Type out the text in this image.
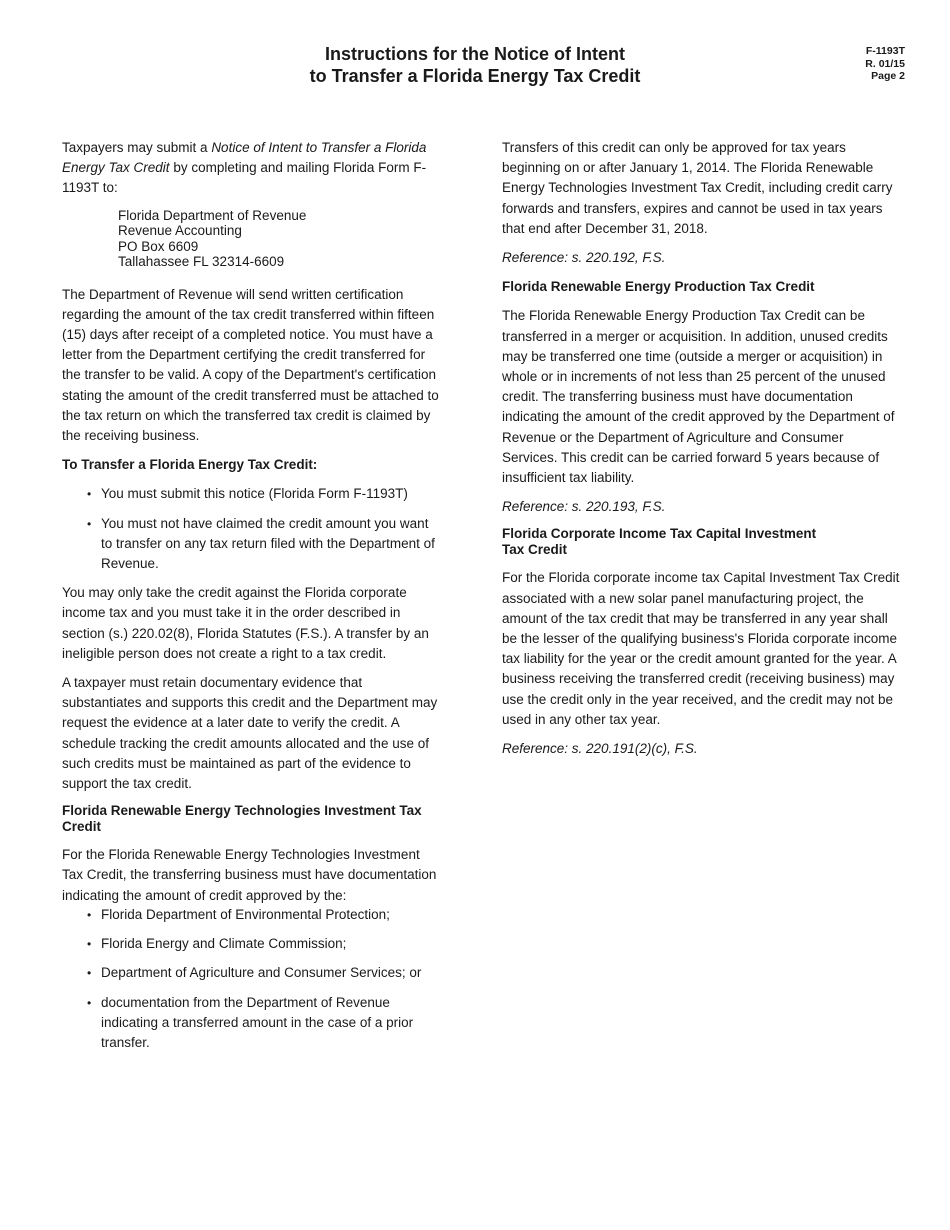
Instructions for the Notice of Intent
to Transfer a Florida Energy Tax Credit
F-1193T
R. 01/15
Page 2

Taxpayers may submit a Notice of Intent to Transfer a Florida Energy Tax Credit by completing and mailing Florida Form F-1193T to:

Florida Department of Revenue
Revenue Accounting
PO Box 6609
Tallahassee FL 32314-6609

The Department of Revenue will send written certification regarding the amount of the tax credit transferred within fifteen (15) days after receipt of a completed notice. You must have a letter from the Department certifying the credit transferred for the transfer to be valid. A copy of the Department's certification stating the amount of the credit transferred must be attached to the tax return on which the transferred tax credit is claimed by the receiving business.

To Transfer a Florida Energy Tax Credit:
• You must submit this notice (Florida Form F-1193T)
• You must not have claimed the credit amount you want to transfer on any tax return filed with the Department of Revenue.

You may only take the credit against the Florida corporate income tax and you must take it in the order described in section (s.) 220.02(8), Florida Statutes (F.S.). A transfer by an ineligible person does not create a right to a tax credit.

A taxpayer must retain documentary evidence that substantiates and supports this credit and the Department may request the evidence at a later date to verify the credit. A schedule tracking the credit amounts allocated and the use of such credits must be maintained as part of the evidence to support the tax credit.

Florida Renewable Energy Technologies Investment Tax Credit

For the Florida Renewable Energy Technologies Investment Tax Credit, the transferring business must have documentation indicating the amount of credit approved by the:

• Florida Department of Environmental Protection;
• Florida Energy and Climate Commission;
• Department of Agriculture and Consumer Services; or
• documentation from the Department of Revenue indicating a transferred amount in the case of a prior transfer.

Transfers of this credit can only be approved for tax years beginning on or after January 1, 2014. The Florida Renewable Energy Technologies Investment Tax Credit, including credit carry forwards and transfers, expires and cannot be used in tax years that end after December 31, 2018.

Reference: s. 220.192, F.S.

Florida Renewable Energy Production Tax Credit

The Florida Renewable Energy Production Tax Credit can be transferred in a merger or acquisition. In addition, unused credits may be transferred one time (outside a merger or acquisition) in whole or in increments of not less than 25 percent of the unused credit. The transferring business must have documentation indicating the amount of the credit approved by the Department of Revenue or the Department of Agriculture and Consumer Services. This credit can be carried forward 5 years because of insufficient tax liability.

Reference: s. 220.193, F.S.

Florida Corporate Income Tax Capital Investment
Tax Credit

For the Florida corporate income tax Capital Investment Tax Credit associated with a new solar panel manufacturing project, the amount of the tax credit that may be transferred in any year shall be the lesser of the qualifying business's Florida corporate income tax liability for the year or the credit amount granted for the year. A business receiving the transferred credit (receiving business) may use the credit only in the year received, and the credit may not be used in any other tax year.

Reference: s. 220.191(2)(c), F.S.
